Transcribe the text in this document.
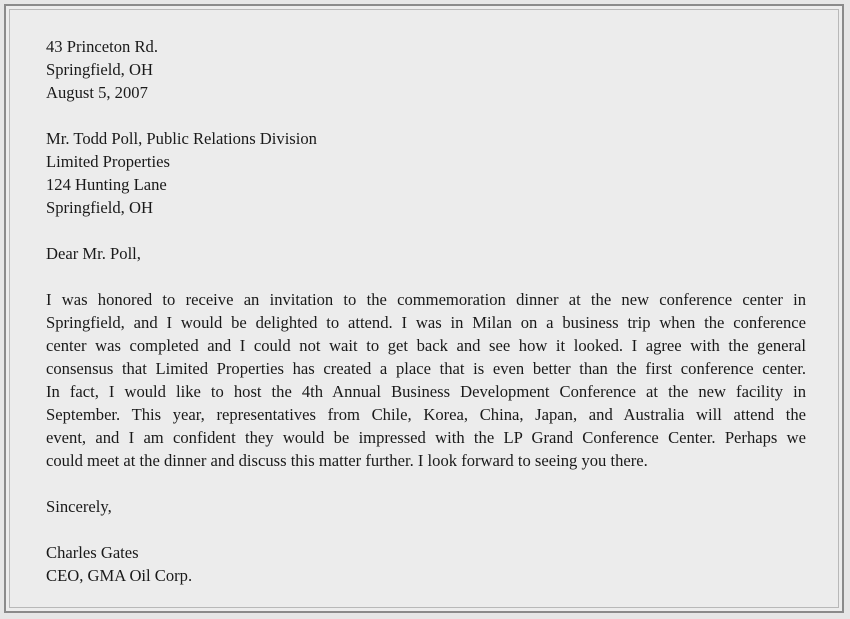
43 Princeton Rd.
Springfield, OH
August 5, 2007
Mr. Todd Poll, Public Relations Division
Limited Properties
124 Hunting Lane
Springfield, OH
Dear Mr. Poll,
I was honored to receive an invitation to the commemoration dinner at the new conference center in
Springfield, and I would be delighted to attend. I was in Milan on a business trip when the conference
center was completed and I could not wait to get back and see how it looked. I agree with the general
consensus that Limited Properties has created a place that is even better than the first conference center.
In fact, I would like to host the 4th Annual Business Development Conference at the new facility in
September. This year, representatives from Chile, Korea, China, Japan, and Australia will attend the
event, and I am confident they would be impressed with the LP Grand Conference Center. Perhaps we
could meet at the dinner and discuss this matter further. I look forward to seeing you there.
Sincerely,
Charles Gates
CEO, GMA Oil Corp.
